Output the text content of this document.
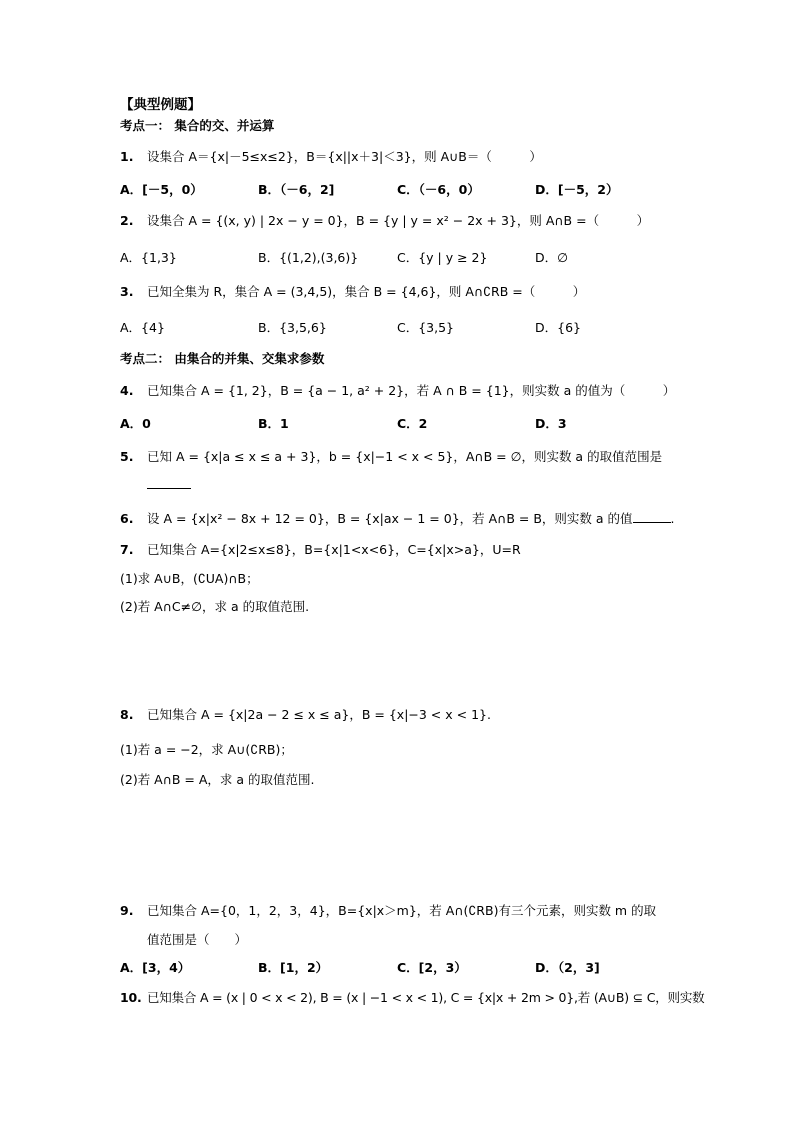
【典型例题】
考点一： 集合的交、并运算
1. 设集合 A＝{x|－5≤x≤2}，B＝{x||x＋3|＜3}，则 A∪B＝（　　　）
A．[－5，0）	B．（－6，2]	C．（－6，0）	D．[－5，2）
2. 设集合 A = {(x, y) | 2x − y = 0}，B = {y | y = x² − 2x + 3}，则 A∩B =（　　　）
A．{1,3}	B．{(1,2),(3,6)}	C．{y | y ≥ 2}	D．∅
3. 已知全集为 R，集合 A = (3,4,5)，集合 B = {4,6}，则 A∩∁RB =（　　　）
A．{4}	B．{3,5,6}	C．{3,5}	D．{6}
考点二： 由集合的并集、交集求参数
4. 已知集合 A = {1, 2}，B = {a − 1, a² + 2}，若 A ∩ B = {1}，则实数 a 的值为（　　　）
A．0	B．1	C．2	D．3
5. 已知 A = {x|a ≤ x ≤ a + 3}，b = {x|−1 < x < 5}，A∩B = ∅，则实数 a 的取值范围是
6. 设 A = {x|x² − 8x + 12 = 0}，B = {x|ax − 1 = 0}，若 A∩B = B，则实数 a 的值	.
7. 已知集合 A={x|2≤x≤8}，B={x|1<x<6}，C={x|x>a}，U=R
(1)求 A∪B，(∁UA)∩B；
(2)若 A∩C≠∅，求 a 的取值范围.
8. 已知集合 A = {x|2a − 2 ≤ x ≤ a}，B = {x|−3 < x < 1}.
(1)若 a = −2，求 A∪(∁RB)；
(2)若 A∩B = A，求 a 的取值范围.
9. 已知集合 A={0，1，2，3，4}，B={x|x＞m}，若 A∩(∁RB)有三个元素，则实数 m 的取
值范围是（　　）
A．[3，4）	B．[1，2）	C．[2，3）	D．（2，3]
10. 已知集合 A = (x | 0 < x < 2), B = (x | −1 < x < 1), C = {x|x + 2m > 0},若 (A∪B) ⊆ C，则实数
